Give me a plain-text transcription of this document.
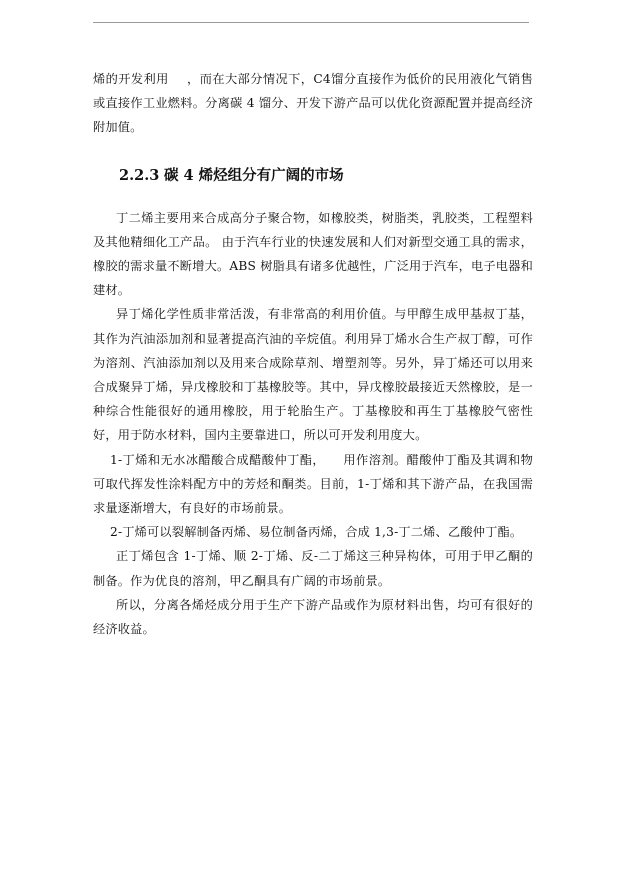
烯的开发利用 ，而在大部分情况下，C4馏分直接作为低价的民用液化气销售或直接作工业燃料。分离碳 4 馏分、开发下游产品可以优化资源配置并提高经济附加值。

2.2.3 碳 4 烯烃组分有广阔的市场

丁二烯主要用来合成高分子聚合物，如橡胶类，树脂类，乳胶类，工程塑料及其他精细化工产品。 由于汽车行业的快速发展和人们对新型交通工具的需求，橡胶的需求量不断增大。ABS 树脂具有诸多优越性，广泛用于汽车，电子电器和建材。

异丁烯化学性质非常活泼，有非常高的利用价值。与甲醇生成甲基叔丁基，其作为汽油添加剂和显著提高汽油的辛烷值。利用异丁烯水合生产叔丁醇，可作为溶剂、汽油添加剂以及用来合成除草剂、增塑剂等。另外，异丁烯还可以用来合成聚异丁烯，异戊橡胶和丁基橡胶等。其中，异戊橡胶最接近天然橡胶，是一种综合性能很好的通用橡胶，用于轮胎生产。丁基橡胶和再生丁基橡胶气密性好，用于防水材料，国内主要靠进口，所以可开发利用度大。

1-丁烯和无水冰醋酸合成醋酸仲丁酯， 用作溶剂。醋酸仲丁酯及其调和物可取代挥发性涂料配方中的芳烃和酮类。目前，1-丁烯和其下游产品，在我国需求量逐渐增大，有良好的市场前景。

2-丁烯可以裂解制备丙烯、易位制备丙烯，合成 1,3-丁二烯、乙酸仲丁酯。

正丁烯包含 1-丁烯、顺 2-丁烯、反-二丁烯这三种异构体，可用于甲乙酮的制备。作为优良的溶剂，甲乙酮具有广阔的市场前景。

所以，分离各烯烃成分用于生产下游产品或作为原材料出售，均可有很好的经济收益。
